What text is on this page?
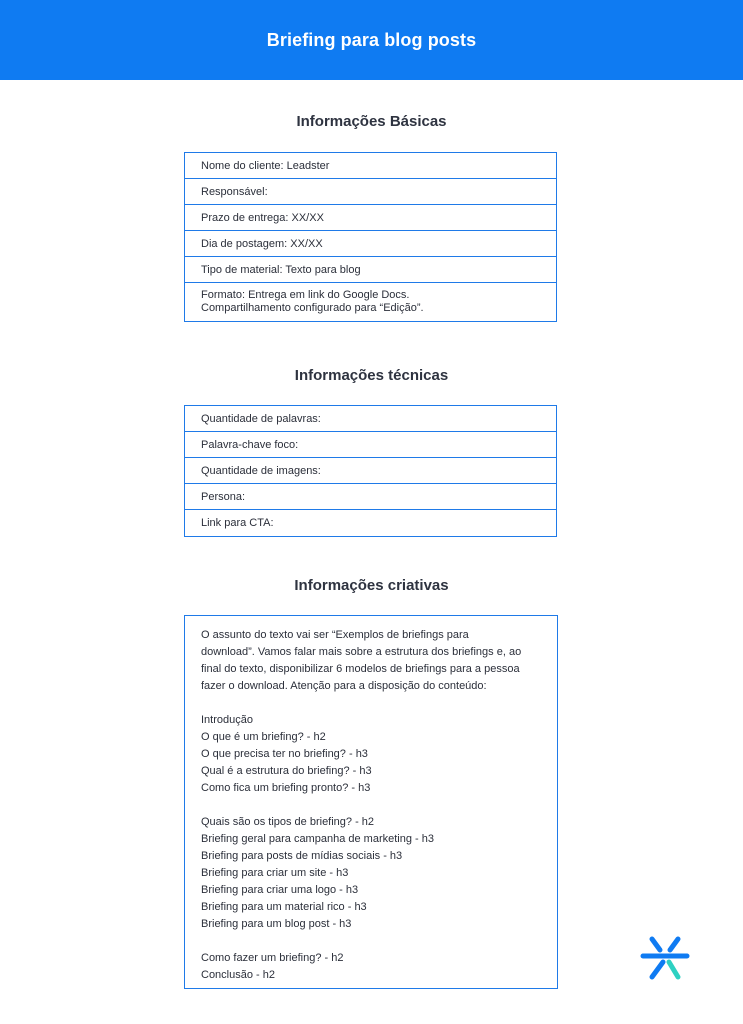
Briefing para blog posts
Informações Básicas
Nome do cliente: Leadster
Responsável:
Prazo de entrega: XX/XX
Dia de postagem: XX/XX
Tipo de material: Texto para blog
Formato: Entrega em link do Google Docs.
Compartilhamento configurado para “Edição”.
Informações técnicas
Quantidade de palavras:
Palavra-chave foco:
Quantidade de imagens:
Persona:
Link para CTA:
Informações criativas

O assunto do texto vai ser “Exemplos de briefings para

download”. Vamos falar mais sobre a estrutura dos briefings e, ao

final do texto, disponibilizar 6 modelos de briefings para a pessoa

fazer o download. Atenção para a disposição do conteúdo:

Introdução

O que é um briefing? - h2

O que precisa ter no briefing? - h3

Qual é a estrutura do briefing? - h3

Como fica um briefing pronto? - h3

Quais são os tipos de briefing? - h2

Briefing geral para campanha de marketing - h3

Briefing para posts de mídias sociais - h3

Briefing para criar um site - h3

Briefing para criar uma logo - h3

Briefing para um material rico - h3

Briefing para um blog post - h3

Como fazer um briefing? - h2

Conclusão - h2
